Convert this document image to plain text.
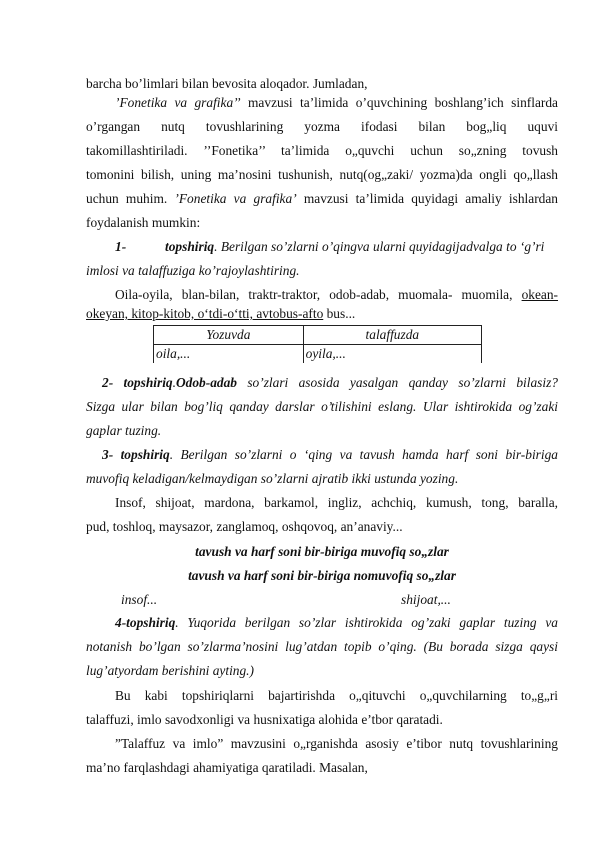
barcha bo’limlari bilan bevosita aloqador. Jumladan,
’Fonetika va grafika’’ mavzusi ta’limida o’quvchining boshlang’ich sinflarda
o’rgangan nutq tovushlarining yozma ifodasi bilan bog„liq uquvi
takomillashtiriladi. ’’Fonetika’’ ta’limida o„quvchi uchun so„zning tovush
tomonini bilish, uning ma’nosini tushunish, nutq(og„zaki/ yozma)da ongli qo„llash
uchun muhim. ’Fonetika va grafika’ mavzusi ta’limida quyidagi amaliy ishlardan
foydalanish mumkin:
1-	topshiriq. Berilgan so’zlarni o’qingva ularni quyidagijadvalga to ‘g’ri
imlosi va talaffuziga ko’rajoylashtiring.
Oila-oyila, blan-bilan, traktr-traktor, odob-adab, muomala- muomila, okean-
okeyan, kitop-kitob, o‘tdi-o‘tti, avtobus-afto bus...
Yozuvda	talaffuzda
oila,...	oyila,...
2- topshiriq.Odob-adab so’zlari asosida yasalgan qanday so’zlarni bilasiz?
Sizga ular bilan bog’liq qanday darslar o’tilishini eslang. Ular ishtirokida og’zaki
gaplar tuzing.
3- topshiriq. Berilgan so’zlarni o ‘qing va tavush hamda harf soni bir-biriga
muvofiq keladigan/kelmaydigan so’zlarni ajratib ikki ustunda yozing.
Insof, shijoat, mardona, barkamol, ingliz, achchiq, kumush, tong, baralla,
pud, toshloq, maysazor, zanglamoq, oshqovoq, an’anaviy...
tavush va harf soni bir-biriga muvofiq so„zlar
tavush va harf soni bir-biriga nomuvofiq so„zlar
insof...	shijoat,...
4-topshiriq. Yuqorida berilgan so’zlar ishtirokida og’zaki gaplar tuzing va
notanish bo’lgan so’zlarma’nosini lug’atdan topib o’qing. (Bu borada sizga qaysi
lug’atyordam berishini ayting.)
Bu kabi topshiriqlarni bajartirishda o„qituvchi o„quvchilarning to„g„ri
talaffuzi, imlo savodxonligi va husnixatiga alohida e’tbor qaratadi.
”Talaffuz va imlo” mavzusini o„rganishda asosiy e’tibor nutq tovushlarining
ma’no farqlashdagi ahamiyatiga qaratiladi. Masalan,
